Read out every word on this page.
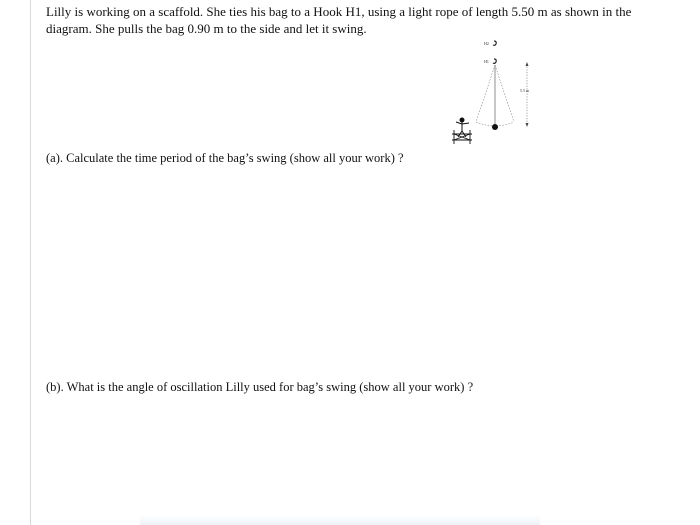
Lilly is working on a scaffold. She ties his bag to a Hook H1, using a light rope of length 5.50 m as shown in the diagram. She pulls the bag 0.90 m to the side and let it swing.

H2
H1
5.5 m

(a). Calculate the time period of the bag’s swing (show all your work) ?

(b). What is the angle of oscillation Lilly used for bag’s swing (show all your work) ?
